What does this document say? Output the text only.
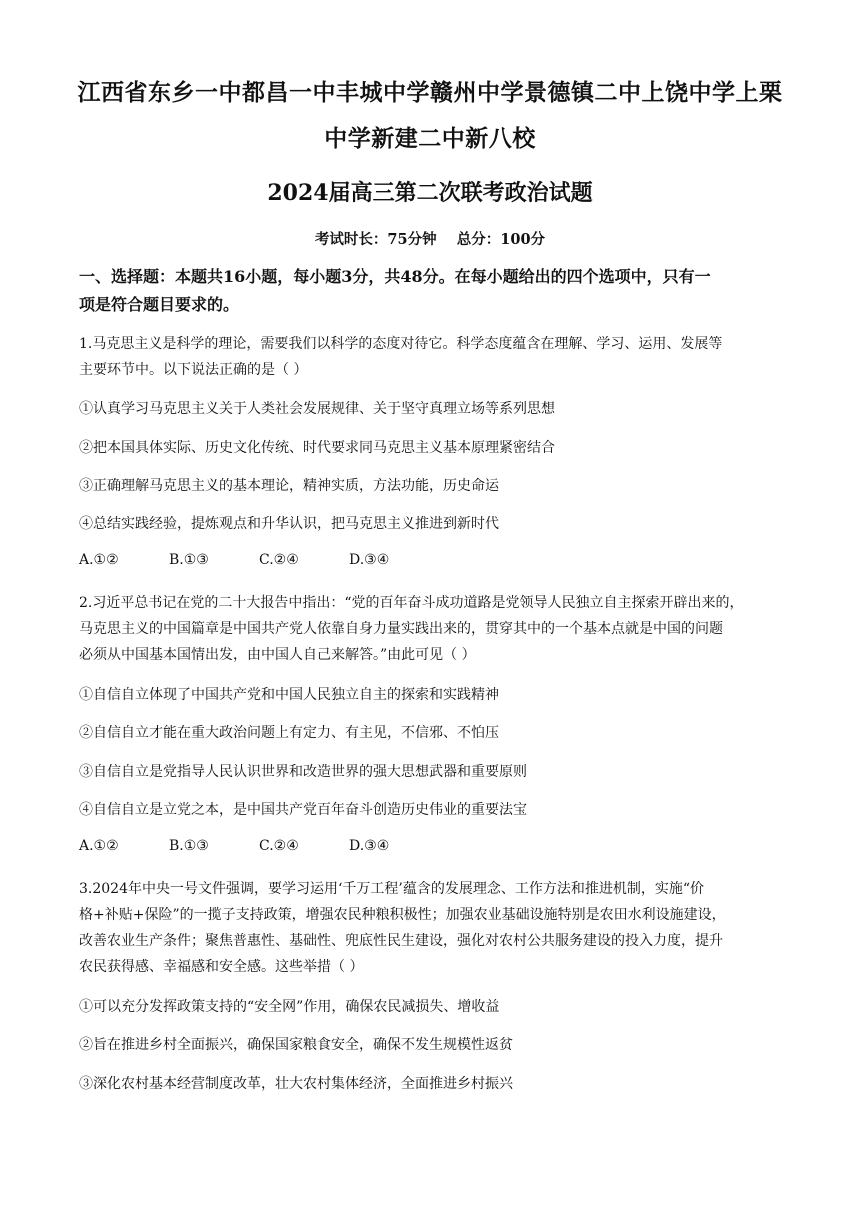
江西省东乡一中都昌一中丰城中学赣州中学景德镇二中上饶中学上栗
中学新建二中新八校
2024届高三第二次联考政治试题
考试时长：75分钟    总分：100分
一、选择题：本题共16小题，每小题3分，共48分。在每小题给出的四个选项中，只有一
项是符合题目要求的。
1.马克思主义是科学的理论，需要我们以科学的态度对待它。科学态度蕴含在理解、学习、运用、发展等
主要环节中。以下说法正确的是（ ）
①认真学习马克思主义关于人类社会发展规律、关于坚守真理立场等系列思想
②把本国具体实际、历史文化传统、时代要求同马克思主义基本原理紧密结合
③正确理解马克思主义的基本理论，精神实质，方法功能，历史命运
④总结实践经验，提炼观点和升华认识，把马克思主义推进到新时代
A.①②	B.①③	C.②④	D.③④
2.习近平总书记在党的二十大报告中指出：“党的百年奋斗成功道路是党领导人民独立自主探索开辟出来的，
马克思主义的中国篇章是中国共产党人依靠自身力量实践出来的，贯穿其中的一个基本点就是中国的问题
必须从中国基本国情出发，由中国人自己来解答。”由此可见（ ）
①自信自立体现了中国共产党和中国人民独立自主的探索和实践精神
②自信自立才能在重大政治问题上有定力、有主见，不信邪、不怕压
③自信自立是党指导人民认识世界和改造世界的强大思想武器和重要原则
④自信自立是立党之本，是中国共产党百年奋斗创造历史伟业的重要法宝
A.①②	B.①③	C.②④	D.③④
3.2024年中央一号文件强调，要学习运用‘千万工程’蕴含的发展理念、工作方法和推进机制，实施“价
格+补贴+保险”的一揽子支持政策，增强农民种粮积极性；加强农业基础设施特别是农田水利设施建设，
改善农业生产条件；聚焦普惠性、基础性、兜底性民生建设，强化对农村公共服务建设的投入力度，提升
农民获得感、幸福感和安全感。这些举措（ ）
①可以充分发挥政策支持的“安全网”作用，确保农民减损失、增收益
②旨在推进乡村全面振兴，确保国家粮食安全，确保不发生规模性返贫
③深化农村基本经营制度改革，壮大农村集体经济，全面推进乡村振兴
